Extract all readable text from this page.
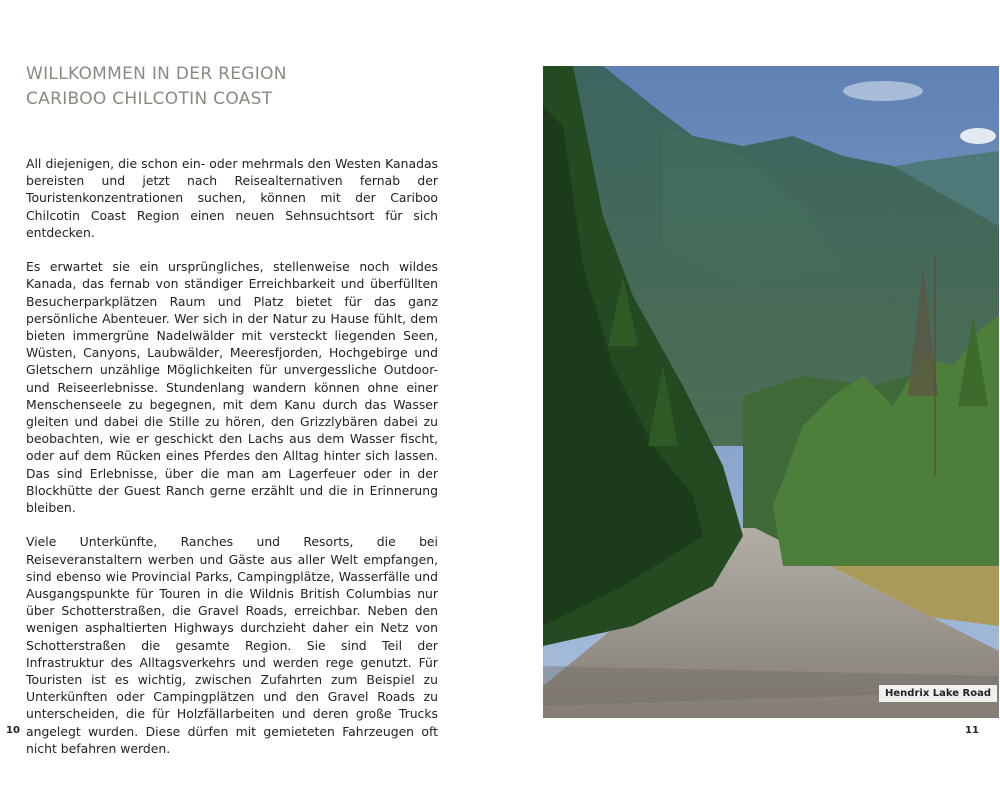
WILLKOMMEN IN DER REGION
CARIBOO CHILCOTIN COAST

All diejenigen, die schon ein- oder mehrmals den Westen Kanadas bereisten und jetzt nach Reisealternativen fernab der Touristenkonzentrationen suchen, können mit der Cariboo Chilcotin Coast Region einen neuen Sehnsuchtsort für sich entdecken.

Es erwartet sie ein ursprüngliches, stellenweise noch wildes Kanada, das fernab von ständiger Erreichbarkeit und überfüllten Besucherparkplätzen Raum und Platz bietet für das ganz persönliche Abenteuer. Wer sich in der Natur zu Hause fühlt, dem bieten immergrüne Nadelwälder mit versteckt liegenden Seen, Wüsten, Canyons, Laubwälder, Meeresfjorden, Hochgebirge und Gletschern unzählige Möglichkeiten für unvergessliche Outdoor- und Reiseerlebnisse. Stundenlang wandern können ohne einer Menschenseele zu begegnen, mit dem Kanu durch das Wasser gleiten und dabei die Stille zu hören, den Grizzlybären dabei zu beobachten, wie er geschickt den Lachs aus dem Wasser fischt, oder auf dem Rücken eines Pferdes den Alltag hinter sich lassen. Das sind Erlebnisse, über die man am Lagerfeuer oder in der Blockhütte der Guest Ranch gerne erzählt und die in Erinnerung bleiben.

Viele Unterkünfte, Ranches und Resorts, die bei Reiseveranstaltern werben und Gäste aus aller Welt empfangen, sind ebenso wie Provincial Parks, Campingplätze, Wasserfälle und Ausgangspunkte für Touren in die Wildnis British Columbias nur über Schotterstraßen, die Gravel Roads, erreichbar. Neben den wenigen asphaltierten Highways durchzieht daher ein Netz von Schotterstraßen die gesamte Region. Sie sind Teil der Infrastruktur des Alltagsverkehrs und werden rege genutzt. Für Touristen ist es wichtig, zwischen Zufahrten zum Beispiel zu Unterkünften oder Campingplätzen und den Gravel Roads zu unterscheiden, die für Holzfällarbeiten und deren große Trucks angelegt wurden. Diese dürfen mit gemieteten Fahrzeugen oft nicht befahren werden.

10
Hendrix Lake Road
11
